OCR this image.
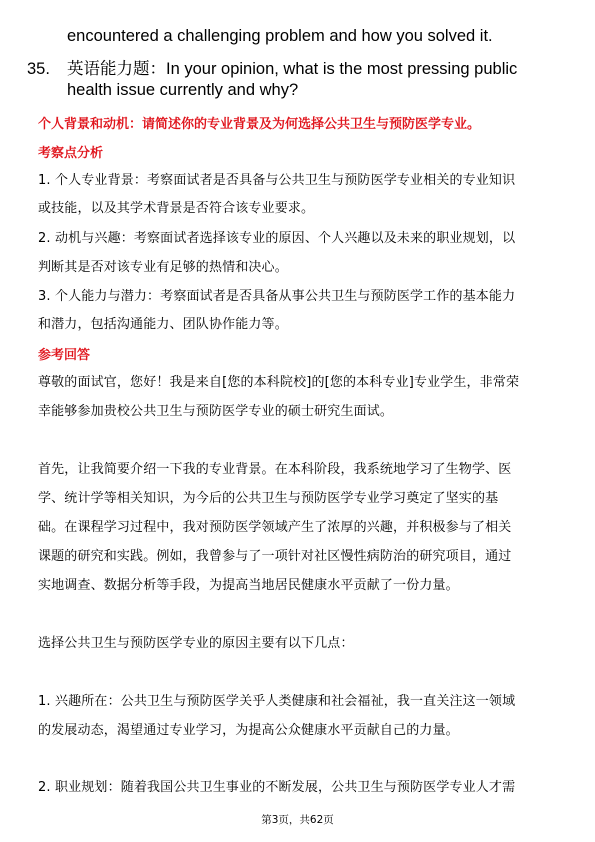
encountered a challenging problem and how you solved it.
35. 英语能力题：In your opinion, what is the most pressing public
health issue currently and why?
个人背景和动机：请简述你的专业背景及为何选择公共卫生与预防医学专业。
考察点分析
1. 个人专业背景：考察面试者是否具备与公共卫生与预防医学专业相关的专业知识
或技能，以及其学术背景是否符合该专业要求。
2. 动机与兴趣：考察面试者选择该专业的原因、个人兴趣以及未来的职业规划，以
判断其是否对该专业有足够的热情和决心。
3. 个人能力与潜力：考察面试者是否具备从事公共卫生与预防医学工作的基本能力
和潜力，包括沟通能力、团队协作能力等。
参考回答
尊敬的面试官，您好！我是来自[您的本科院校]的[您的本科专业]专业学生，非常荣
幸能够参加贵校公共卫生与预防医学专业的硕士研究生面试。
首先，让我简要介绍一下我的专业背景。在本科阶段，我系统地学习了生物学、医
学、统计学等相关知识，为今后的公共卫生与预防医学专业学习奠定了坚实的基
础。在课程学习过程中，我对预防医学领域产生了浓厚的兴趣，并积极参与了相关
课题的研究和实践。例如，我曾参与了一项针对社区慢性病防治的研究项目，通过
实地调查、数据分析等手段，为提高当地居民健康水平贡献了一份力量。
选择公共卫生与预防医学专业的原因主要有以下几点：
1. 兴趣所在：公共卫生与预防医学关乎人类健康和社会福祉，我一直关注这一领域
的发展动态，渴望通过专业学习，为提高公众健康水平贡献自己的力量。
2. 职业规划：随着我国公共卫生事业的不断发展，公共卫生与预防医学专业人才需
第3页，共62页
